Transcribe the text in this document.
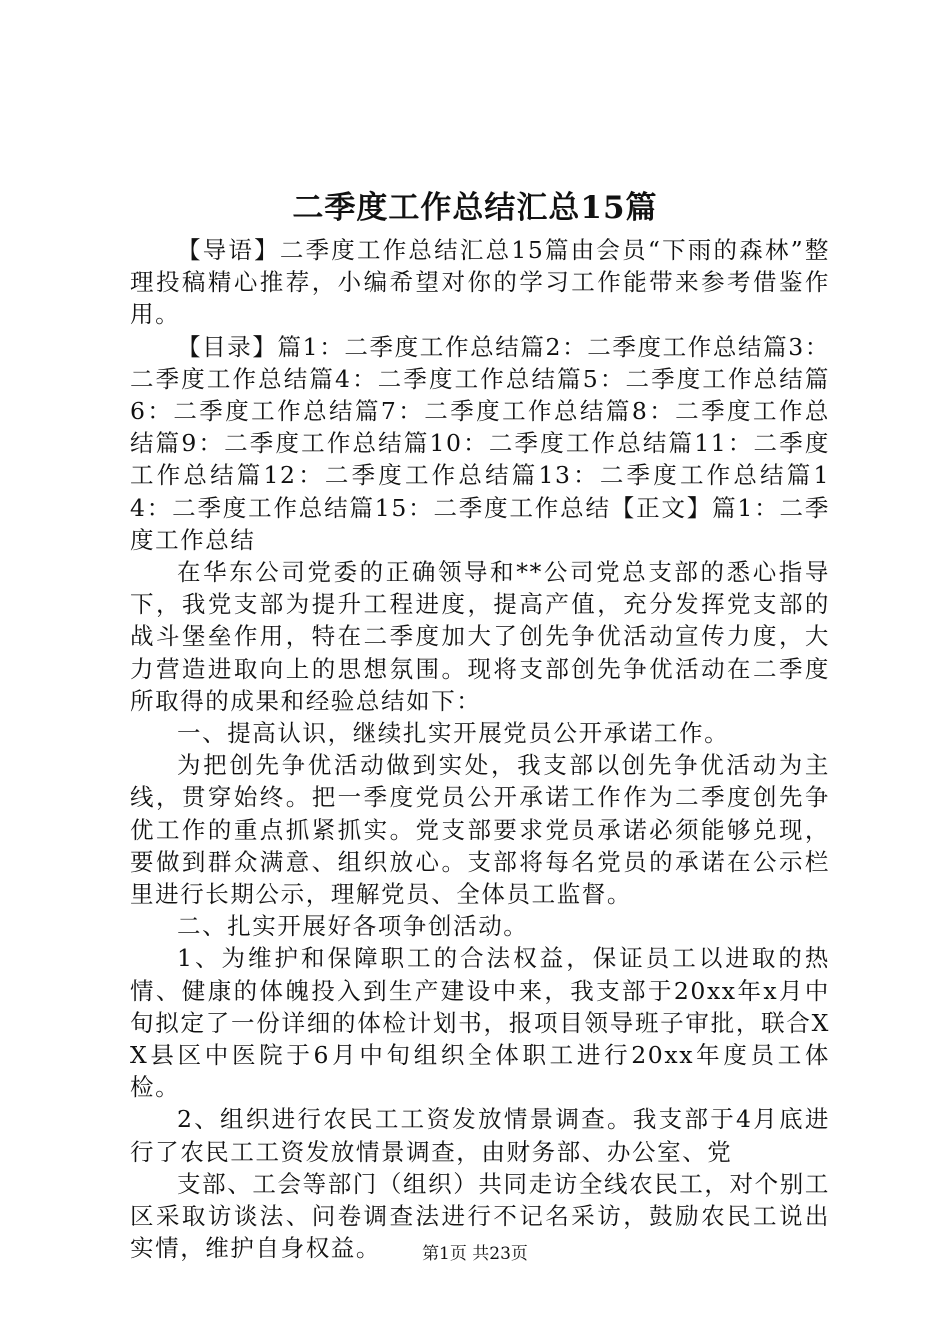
二季度工作总结汇总15篇

【导语】二季度工作总结汇总15篇由会员“下雨的森林”整理投稿精心推荐，小编希望对你的学习工作能带来参考借鉴作用。

【目录】篇1：二季度工作总结篇2：二季度工作总结篇3：二季度工作总结篇4：二季度工作总结篇5：二季度工作总结篇6：二季度工作总结篇7：二季度工作总结篇8：二季度工作总结篇9：二季度工作总结篇10：二季度工作总结篇11：二季度工作总结篇12：二季度工作总结篇13：二季度工作总结篇14：二季度工作总结篇15：二季度工作总结【正文】篇1：二季度工作总结

在华东公司党委的正确领导和**公司党总支部的悉心指导下，我党支部为提升工程进度，提高产值，充分发挥党支部的战斗堡垒作用，特在二季度加大了创先争优活动宣传力度，大力营造进取向上的思想氛围。现将支部创先争优活动在二季度所取得的成果和经验总结如下：

一、提高认识，继续扎实开展党员公开承诺工作。

为把创先争优活动做到实处，我支部以创先争优活动为主线，贯穿始终。把一季度党员公开承诺工作作为二季度创先争优工作的重点抓紧抓实。党支部要求党员承诺必须能够兑现，要做到群众满意、组织放心。支部将每名党员的承诺在公示栏里进行长期公示，理解党员、全体员工监督。

二、扎实开展好各项争创活动。

1、为维护和保障职工的合法权益，保证员工以进取的热情、健康的体魄投入到生产建设中来，我支部于20xx年x月中旬拟定了一份详细的体检计划书，报项目领导班子审批，联合XX县区中医院于6月中旬组织全体职工进行20xx年度员工体检。

2、组织进行农民工工资发放情景调查。我支部于4月底进行了农民工工资发放情景调查，由财务部、办公室、党

支部、工会等部门（组织）共同走访全线农民工，对个别工区采取访谈法、问卷调查法进行不记名采访，鼓励农民工说出实情，维护自身权益。	第1页 共23页
